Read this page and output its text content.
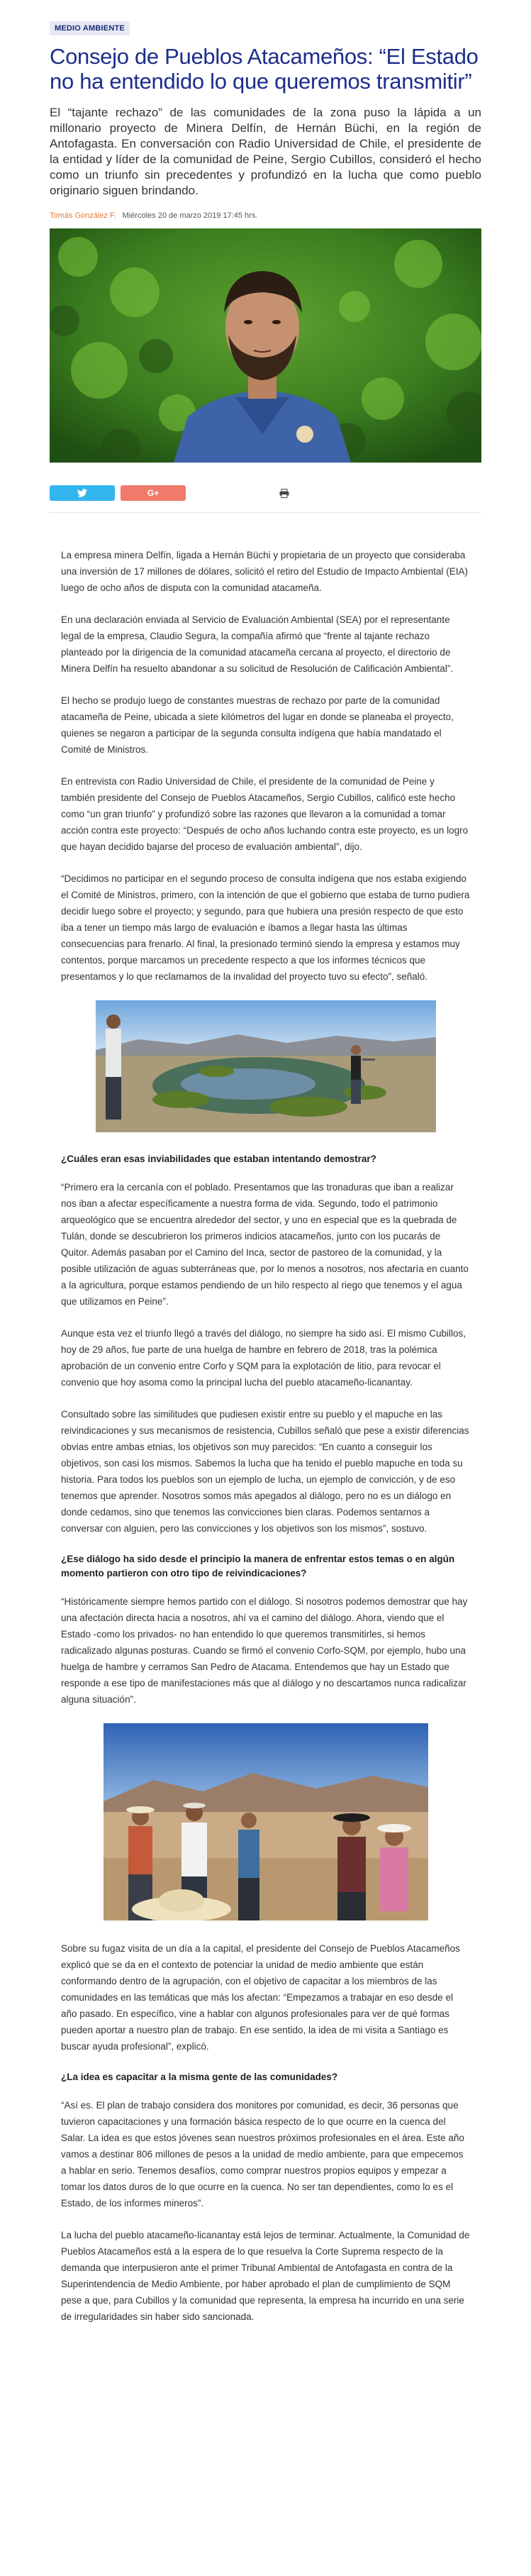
MEDIO AMBIENTE
Consejo de Pueblos Atacameños: “El Estado no ha entendido lo que queremos transmitir”

El “tajante rechazo” de las comunidades de la zona puso la lápida a un millonario proyecto de Minera Delfín, de Hernán Büchi, en la región de Antofagasta. En conversación con Radio Universidad de Chile, el presidente de la entidad y líder de la comunidad de Peine, Sergio Cubillos, consideró el hecho como un triunfo sin precedentes y profundizó en la lucha que como pueblo originario siguen brindando.

Tomás González F. Miércoles 20 de marzo 2019 17:45 hrs.
G+

La empresa minera Delfín, ligada a Hernán Büchi y propietaria de un proyecto que consideraba una inversión de 17 millones de dólares, solicitó el retiro del Estudio de Impacto Ambiental (EIA) luego de ocho años de disputa con la comunidad atacameña.

En una declaración enviada al Servicio de Evaluación Ambiental (SEA) por el representante legal de la empresa, Claudio Segura, la compañía afirmó que “frente al tajante rechazo planteado por la dirigencia de la comunidad atacameña cercana al proyecto, el directorio de Minera Delfín ha resuelto abandonar a su solicitud de Resolución de Calificación Ambiental”.

El hecho se produjo luego de constantes muestras de rechazo por parte de la comunidad atacameña de Peine, ubicada a siete kilómetros del lugar en donde se planeaba el proyecto, quienes se negaron a participar de la segunda consulta indígena que había mandatado el Comité de Ministros.

En entrevista con Radio Universidad de Chile, el presidente de la comunidad de Peine y también presidente del Consejo de Pueblos Atacameños, Sergio Cubillos, calificó este hecho como “un gran triunfo” y profundizó sobre las razones que llevaron a la comunidad a tomar acción contra este proyecto: “Después de ocho años luchando contra este proyecto, es un logro que hayan decidido bajarse del proceso de evaluación ambiental”, dijo.

“Decidimos no participar en el segundo proceso de consulta indígena que nos estaba exigiendo el Comité de Ministros, primero, con la intención de que el gobierno que estaba de turno pudiera decidir luego sobre el proyecto; y segundo, para que hubiera una presión respecto de que esto iba a tener un tiempo más largo de evaluación e íbamos a llegar hasta las últimas consecuencias para frenarlo. Al final, la presionado terminó siendo la empresa y estamos muy contentos, porque marcamos un precedente respecto a que los informes técnicos que presentamos y lo que reclamamos de la invalidad del proyecto tuvo su efecto”, señaló.

¿Cuáles eran esas inviabilidades que estaban intentando demostrar?

“Primero era la cercanía con el poblado. Presentamos que las tronaduras que iban a realizar nos iban a afectar específicamente a nuestra forma de vida. Segundo, todo el patrimonio arqueológico que se encuentra alrededor del sector, y uno en especial que es la quebrada de Tulán, donde se descubrieron los primeros indicios atacameños, junto con los pucarás de Quitor. Además pasaban por el Camino del Inca, sector de pastoreo de la comunidad, y la posible utilización de aguas subterráneas que, por lo menos a nosotros, nos afectaría en cuanto a la agricultura, porque estamos pendiendo de un hilo respecto al riego que tenemos y el agua que utilizamos en Peine”.

Aunque esta vez el triunfo llegó a través del diálogo, no siempre ha sido así. El mismo Cubillos, hoy de 29 años, fue parte de una huelga de hambre en febrero de 2018, tras la polémica aprobación de un convenio entre Corfo y SQM para la explotación de litio, para revocar el convenio que hoy asoma como la principal lucha del pueblo atacameño-licanantay.

Consultado sobre las similitudes que pudiesen existir entre su pueblo y el mapuche en las reivindicaciones y sus mecanismos de resistencia, Cubillos señaló que pese a existir diferencias obvias entre ambas etnias, los objetivos son muy parecidos: “En cuanto a conseguir los objetivos, son casi los mismos. Sabemos la lucha que ha tenido el pueblo mapuche en toda su historia. Para todos los pueblos son un ejemplo de lucha, un ejemplo de convicción, y de eso tenemos que aprender. Nosotros somos más apegados al diálogo, pero no es un diálogo en donde cedamos, sino que tenemos las convicciones bien claras. Podemos sentarnos a conversar con alguien, pero las convicciones y los objetivos son los mismos”, sostuvo.

¿Ese diálogo ha sido desde el principio la manera de enfrentar estos temas o en algún momento partieron con otro tipo de reivindicaciones?

“Históricamente siempre hemos partido con el diálogo. Si nosotros podemos demostrar que hay una afectación directa hacia a nosotros, ahí va el camino del diálogo. Ahora, viendo que el Estado -como los privados- no han entendido lo que queremos transmitirles, si hemos radicalizado algunas posturas. Cuando se firmó el convenio Corfo-SQM, por ejemplo, hubo una huelga de hambre y cerramos San Pedro de Atacama. Entendemos que hay un Estado que responde a ese tipo de manifestaciones más que al diálogo y no descartamos nunca radicalizar alguna situación”.

Sobre su fugaz visita de un día a la capital, el presidente del Consejo de Pueblos Atacameños explicó que se da en el contexto de potenciar la unidad de medio ambiente que están conformando dentro de la agrupación, con el objetivo de capacitar a los miembros de las comunidades en las temáticas que más los afectan: “Empezamos a trabajar en eso desde el año pasado. En específico, vine a hablar con algunos profesionales para ver de qué formas pueden aportar a nuestro plan de trabajo. En ese sentido, la idea de mi visita a Santiago es buscar ayuda profesional”, explicó.

¿La idea es capacitar a la misma gente de las comunidades?

“Así es. El plan de trabajo considera dos monitores por comunidad, es decir, 36 personas que tuvieron capacitaciones y una formación básica respecto de lo que ocurre en la cuenca del Salar. La idea es que estos jóvenes sean nuestros próximos profesionales en el área. Este año vamos a destinar 806 millones de pesos a la unidad de medio ambiente, para que empecemos a hablar en serio. Tenemos desafíos, como comprar nuestros propios equipos y empezar a tomar los datos duros de lo que ocurre en la cuenca. No ser tan dependientes, como lo es el Estado, de los informes mineros”.

La lucha del pueblo atacameño-licanantay está lejos de terminar. Actualmente, la Comunidad de Pueblos Atacameños está a la espera de lo que resuelva la Corte Suprema respecto de la demanda que interpusieron ante el primer Tribunal Ambiental de Antofagasta en contra de la Superintendencia de Medio Ambiente, por haber aprobado el plan de cumplimiento de SQM pese a que, para Cubillos y la comunidad que representa, la empresa ha incurrido en una serie de irregularidades sin haber sido sancionada.
